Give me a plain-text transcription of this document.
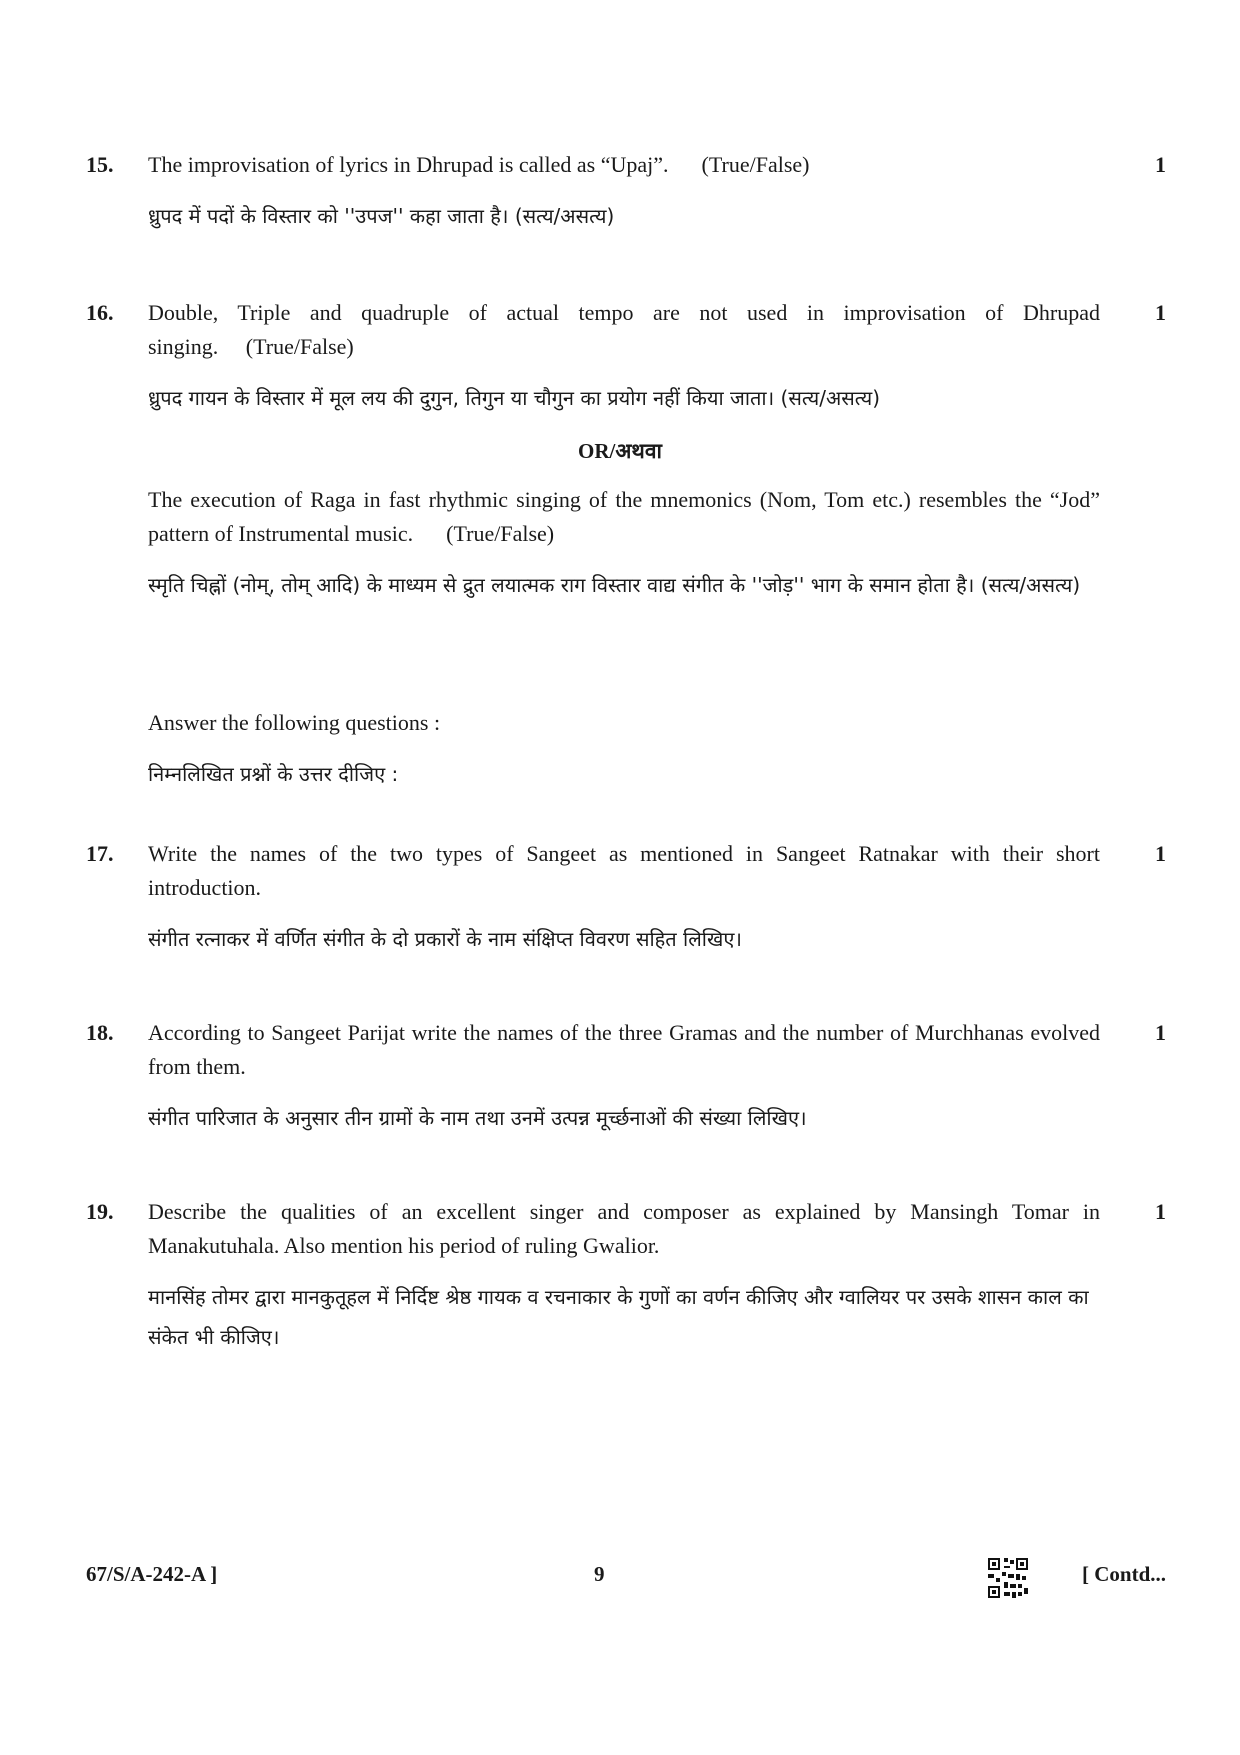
15. The improvisation of lyrics in Dhrupad is called as “Upaj”.      (True/False)

ध्रुपद में पदों के विस्तार को ''उपज'' कहा जाता है। (सत्य/असत्य)

1
16. Double, Triple and quadruple of actual tempo are not used in improvisation of Dhrupad singing.     (True/False)

ध्रुपद गायन के विस्तार में मूल लय की दुगुन, तिगुन या चौगुन का प्रयोग नहीं किया जाता। (सत्य/असत्य)

1
OR/अथवा

The execution of Raga in fast rhythmic singing of the mnemonics (Nom, Tom etc.) resembles the “Jod” pattern of Instrumental music.      (True/False)

स्मृति चिह्नों (नोम्, तोम् आदि) के माध्यम से द्रुत लयात्मक राग विस्तार वाद्य संगीत के ''जोड़'' भाग के समान होता है। (सत्य/असत्य)

Answer the following questions :

निम्नलिखित प्रश्नों के उत्तर दीजिए :

17. Write the names of the two types of Sangeet as mentioned in Sangeet Ratnakar with their short introduction.

संगीत रत्नाकर में वर्णित संगीत के दो प्रकारों के नाम संक्षिप्त विवरण सहित लिखिए।

1
18. According to Sangeet Parijat write the names of the three Gramas and the number of Murchhanas evolved from them.

संगीत पारिजात के अनुसार तीन ग्रामों के नाम तथा उनमें उत्पन्न मूर्च्छनाओं की संख्या लिखिए।

1
19. Describe the qualities of an excellent singer and composer as explained by Mansingh Tomar in Manakutuhala. Also mention his period of ruling Gwalior.

मानसिंह तोमर द्वारा मानकुतूहल में निर्दिष्ट श्रेष्ठ गायक व रचनाकार के गुणों का वर्णन कीजिए और ग्वालियर पर उसके शासन काल का संकेत भी कीजिए।

1
67/S/A-242-A ]	9	[ Contd...
